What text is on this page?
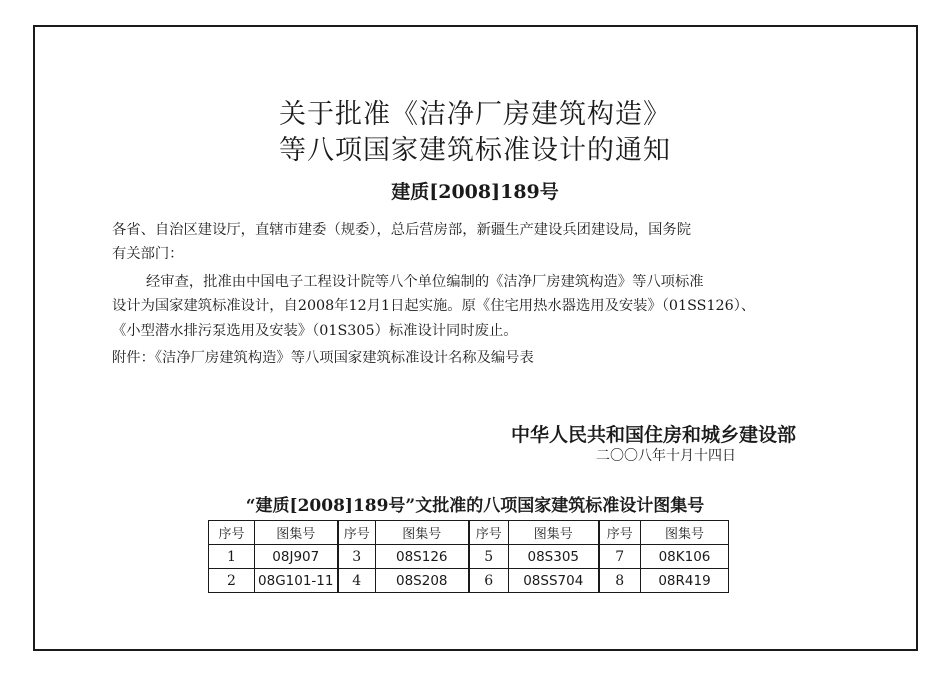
关于批准《洁净厂房建筑构造》
等八项国家建筑标准设计的通知
建质[2008]189号
各省、自治区建设厅，直辖市建委（规委），总后营房部，新疆生产建设兵团建设局，国务院
有关部门：
经审查，批准由中国电子工程设计院等八个单位编制的《洁净厂房建筑构造》等八项标准
设计为国家建筑标准设计，自2008年12月1日起实施。原《住宅用热水器选用及安装》（01SS126）、
《小型潜水排污泵选用及安装》（01S305）标准设计同时废止。
附件：《洁净厂房建筑构造》等八项国家建筑标准设计名称及编号表
中华人民共和国住房和城乡建设部
二〇〇八年十月十四日
“建质[2008]189号”文批准的八项国家建筑标准设计图集号
序号	图集号	序号	图集号	序号	图集号	序号	图集号
1	08J907	3	08S126	5	08S305	7	08K106
2	08G101-11	4	08S208	6	08SS704	8	08R419
